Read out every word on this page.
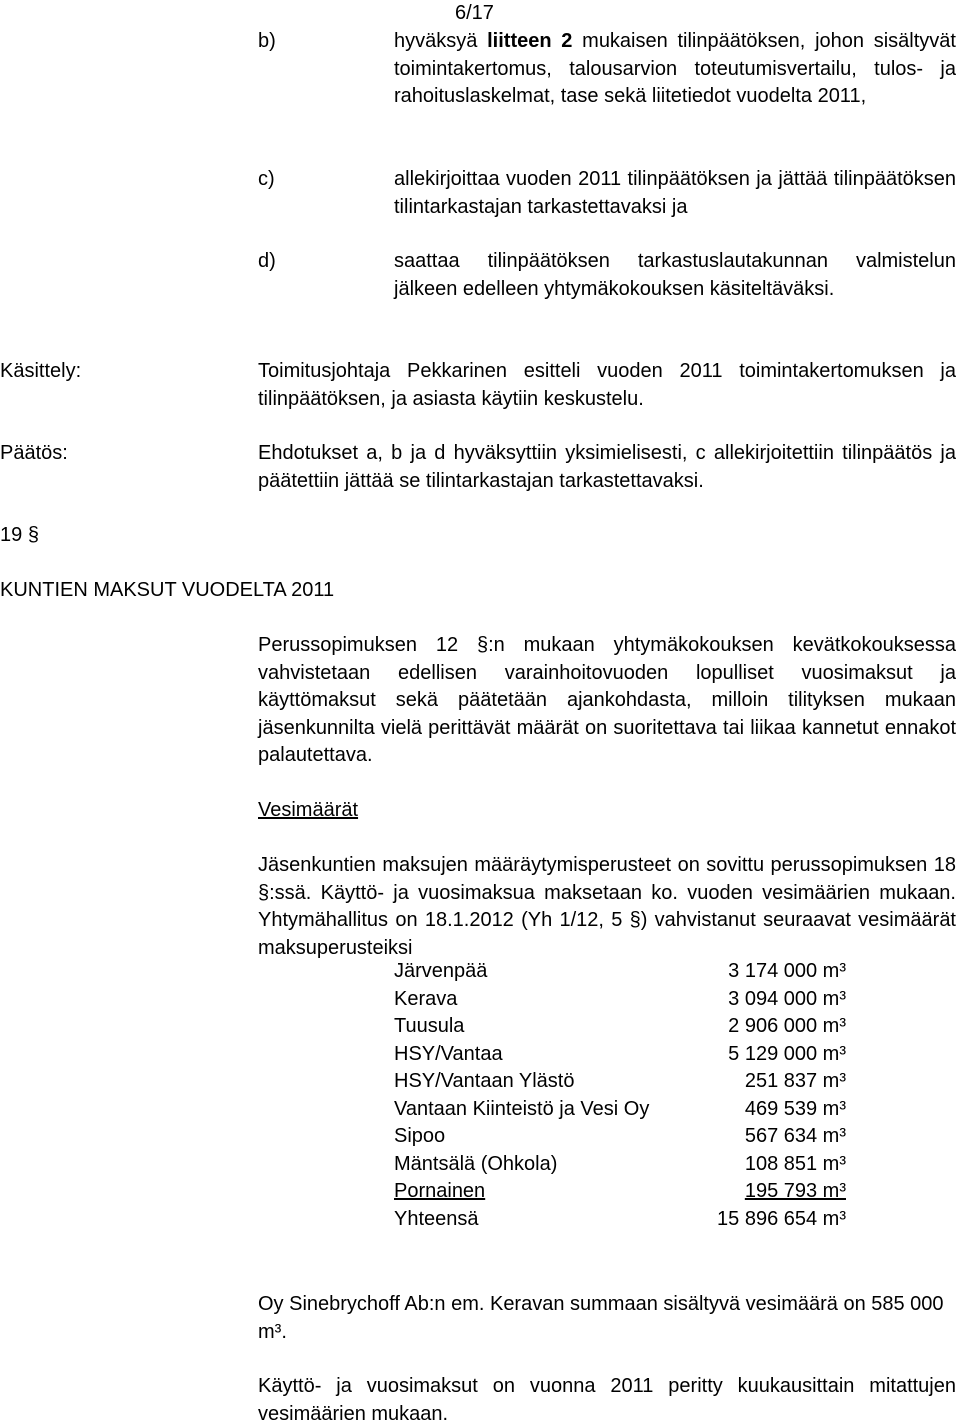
6/17
b)	hyväksyä liitteen 2 mukaisen tilinpäätöksen, johon sisältyvät toimintakertomus, talousarvion toteutumisvertailu, tulos- ja rahoituslaskelmat, tase sekä liitetiedot vuodelta 2011,
c)	allekirjoittaa vuoden 2011 tilinpäätöksen ja jättää tilinpäätöksen tilintarkastajan tarkastettavaksi ja
d)	saattaa tilinpäätöksen tarkastuslautakunnan valmistelun jälkeen edelleen yhtymäkokouksen käsiteltäväksi.
Käsittely:	Toimitusjohtaja Pekkarinen esitteli vuoden 2011 toimintakertomuksen ja tilinpäätöksen, ja asiasta käytiin keskustelu.
Päätös:	Ehdotukset a, b ja d hyväksyttiin yksimielisesti, c allekirjoitettiin tilinpäätös ja päätettiin jättää se tilintarkastajan tarkastettavaksi.
19 §
KUNTIEN MAKSUT VUODELTA 2011
Perussopimuksen 12 §:n mukaan yhtymäkokouksen kevätkokouksessa vahvistetaan edellisen varainhoitovuoden lopulliset vuosimaksut ja käyttömaksut sekä päätetään ajankohdasta, milloin tilityksen mukaan jäsenkunnilta vielä perittävät määrät on suoritettava tai liikaa kannetut ennakot palautettava.
Vesimäärät
Jäsenkuntien maksujen määräytymisperusteet on sovittu perussopimuksen 18 §:ssä. Käyttö- ja vuosimaksua maksetaan ko. vuoden vesimäärien mukaan. Yhtymähallitus on 18.1.2012 (Yh 1/12, 5 §) vahvistanut seuraavat vesimäärät maksuperusteiksi
Järvenpää	3 174 000 m³
Kerava	3 094 000 m³
Tuusula	2 906 000 m³
HSY/Vantaa	5 129 000 m³
HSY/Vantaan Ylästö	251 837 m³
Vantaan Kiinteistö ja Vesi Oy	469 539 m³
Sipoo	567 634 m³
Mäntsälä (Ohkola)	108 851 m³
Pornainen	195 793 m³
Yhteensä	15 896 654 m³
Oy Sinebrychoff Ab:n em. Keravan summaan sisältyvä vesimäärä on 585 000 m³.
Käyttö- ja vuosimaksut on vuonna 2011 peritty kuukausittain mitattujen vesimäärien mukaan.
